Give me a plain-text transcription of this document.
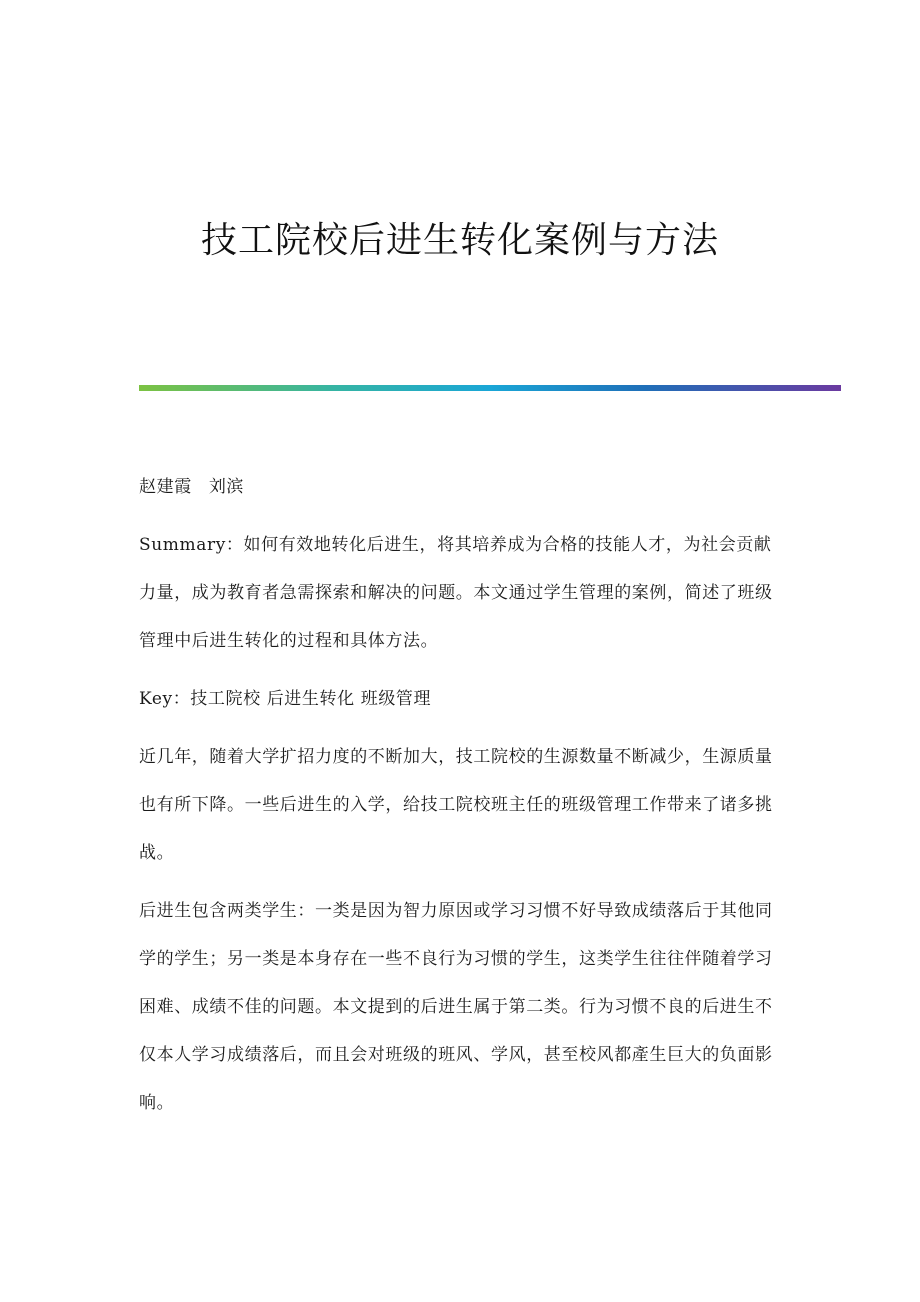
技工院校后进生转化案例与方法

赵建霞 刘滨

Summary：如何有效地转化后进生，将其培养成为合格的技能人才，为社会贡献力量，成为教育者急需探索和解决的问题。本文通过学生管理的案例，简述了班级管理中后进生转化的过程和具体方法。

Key：技工院校 后进生转化 班级管理

近几年，随着大学扩招力度的不断加大，技工院校的生源数量不断减少，生源质量也有所下降。一些后进生的入学，给技工院校班主任的班级管理工作带来了诸多挑战。

后进生包含两类学生：一类是因为智力原因或学习习惯不好导致成绩落后于其他同学的学生；另一类是本身存在一些不良行为习惯的学生，这类学生往往伴随着学习困难、成绩不佳的问题。本文提到的后进生属于第二类。行为习惯不良的后进生不仅本人学习成绩落后，而且会对班级的班风、学风，甚至校风都產生巨大的负面影响。
